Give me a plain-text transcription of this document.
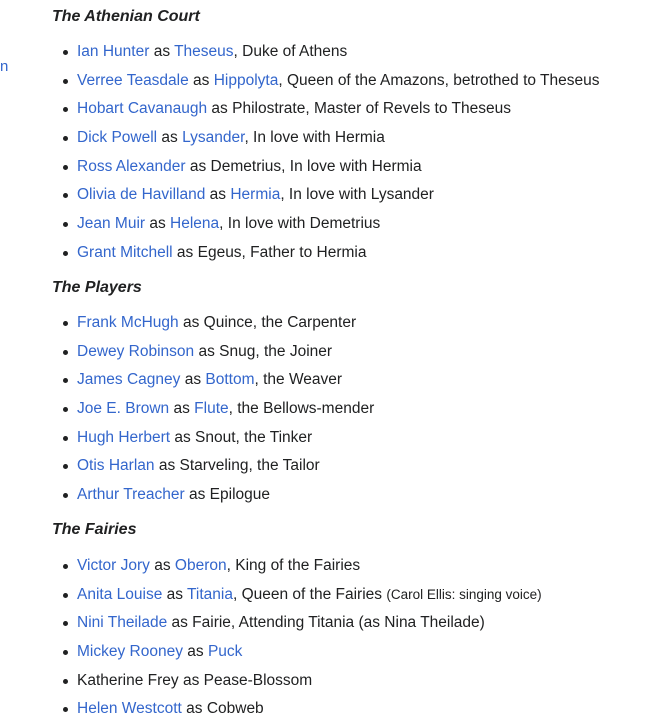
n
The Athenian Court
Ian Hunter as Theseus, Duke of Athens
Verree Teasdale as Hippolyta, Queen of the Amazons, betrothed to Theseus
Hobart Cavanaugh as Philostrate, Master of Revels to Theseus
Dick Powell as Lysander, In love with Hermia
Ross Alexander as Demetrius, In love with Hermia
Olivia de Havilland as Hermia, In love with Lysander
Jean Muir as Helena, In love with Demetrius
Grant Mitchell as Egeus, Father to Hermia
The Players
Frank McHugh as Quince, the Carpenter
Dewey Robinson as Snug, the Joiner
James Cagney as Bottom, the Weaver
Joe E. Brown as Flute, the Bellows-mender
Hugh Herbert as Snout, the Tinker
Otis Harlan as Starveling, the Tailor
Arthur Treacher as Epilogue
The Fairies
Victor Jory as Oberon, King of the Fairies
Anita Louise as Titania, Queen of the Fairies (Carol Ellis: singing voice)
Nini Theilade as Fairie, Attending Titania (as Nina Theilade)
Mickey Rooney as Puck
Katherine Frey as Pease-Blossom
Helen Westcott as Cobweb
